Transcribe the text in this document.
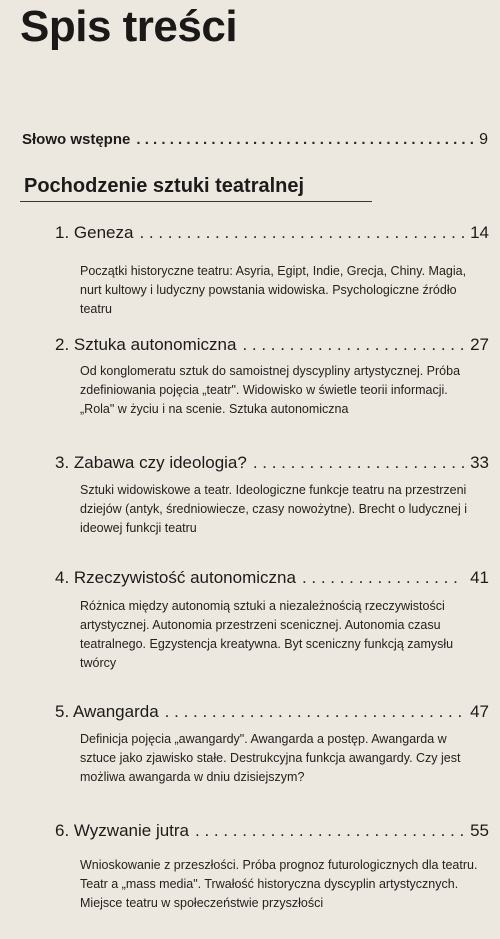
Spis treści
Słowo wstępne . . .	9
Pochodzenie sztuki teatralnej
1. Geneza . . .	14
Początki historyczne teatru: Asyria, Egipt, Indie, Grecja, Chiny. Magia, nurt kultowy i ludyczny powstania widowiska. Psychologiczne źródło teatru
2. Sztuka autonomiczna . . .	27
Od konglomeratu sztuk do samoistnej dyscypliny artystycznej. Próba zdefiniowania pojęcia „teatr". Widowisko w świetle teorii informacji. „Rola" w życiu i na scenie. Sztuka autonomiczna
3. Zabawa czy ideologia? . . .	33
Sztuki widowiskowe a teatr. Ideologiczne funkcje teatru na przestrzeni dziejów (antyk, średniowiecze, czasy nowożytne). Brecht o ludycznej i ideowej funkcji teatru
4. Rzeczywistość autonomiczna . . .	41
Różnica między autonomią sztuki a niezależnością rzeczywistości artystycznej. Autonomia przestrzeni scenicznej. Autonomia czasu teatralnego. Egzystencja kreatywna. Byt sceniczny funkcją zamysłu twórcy
5. Awangarda . . .	47
Definicja pojęcia „awangardy". Awangarda a postęp. Awangarda w sztuce jako zjawisko stałe. Destrukcyjna funkcja awangardy. Czy jest możliwa awangarda w dniu dzisiejszym?
6. Wyzwanie jutra . . .	55
Wnioskowanie z przeszłości. Próba prognoz futurologicznych dla teatru. Teatr a „mass media". Trwałość historyczna dyscyplin artystycznych. Miejsce teatru w społeczeństwie przyszłości
